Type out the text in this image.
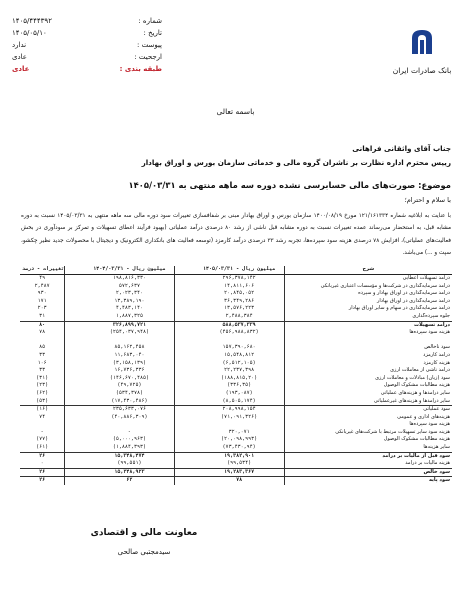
بانک صادرات ایران
شماره :
۱۴۰۵/۴۴۴۳۹۲
تاریخ :
۱۴۰۵/۰۵/۱۰
پیوست :
ندارد
ارجحیت :
عادی
طبقه بندی :
عادی
باسمه تعالی
جناب آقای واثقانی فراهانی
رییس محترم اداره نظارت بر ناشران گروه مالی و خدماتی سازمان بورس و اوراق بهادار
موضوع: صورت‌های مالی حسابرسی نشده دوره سه ماهه منتهی به ۱۴۰۵/۰۳/۳۱
با سلام و احترام؛
با عنایت به ابلاغیه شماره ۱۲۱/۱۶۱۳۳۴ مورخ ۱۴۰۰/۰۸/۱۹ سازمان بورس و اوراق بهادار مبنی بر شفافسازی تغییرات سود دوره مالی سه ماهه منتهی به ۱۴۰۵/۰۳/۳۱ نسبت به دوره مشابه قبل، به استحضار می‌رساند عمده تغییرات نسبت به دوره مشابه قبل ناشی از رشد ۸۰ درصدی درآمد عملیاتی (بهبود فرآیند اعطای تسهیلات و تمرکز بر سودآوری در بخش فعالیت‌های عملیاتی)، افزایش ۷۸ درصدی هزینه سود سپرده‌ها، تجربه رشد ۳۳ درصدی درآمد کارمزد (توسعه فعالیت های بانکداری الکترونیک و دیجیتال با محصولات جدید نظیر چکشو، سپت و ...) می‌باشد.
شرح	۱۴۰۵/۰۳/۳۱ - میلیون ریال		۱۴۰۴/۰۳/۳۱ - میلیون ریال		تغییرات - درصد
درآمد تسهیلات اعطایی	۲۹۶,۳۷۸,۱۴۲		۱۹۸,۸۱۶,۳۳۰		۴۹
درآمد سرمایه‌گذاری در شرکت‌ها و مؤسسات اعتباری غیربانکی	۱۴,۸۱۱,۶۰۶		۵۷۲,۶۳۷		۲,۴۸۷
درآمد سرمایه‌گذاری در اوراق بهادار و سپرده	۲۰,۸۴۵,۰۵۲		۲,۰۲۳,۳۴۰		۹۳۰
درآمد سرمایه‌گذاری در اوراق بهادار	۳۶,۳۴۹,۲۸۶		۱۳,۳۸۹,۱۹۰		۱۷۱
درآمد سرمایه‌گذاری در سهام و سایر اوراق بهادار	۱۳,۵۷۶,۲۲۳		۴,۴۸۳,۱۴۰		۲۰۳
جلوه سپرده‌گذاری	۲,۴۸۸,۳۸۴		۱,۸۸۷,۳۲۵		۳۱
درآمد تسهیلات	۵۸۸,۵۳۷,۳۳۹		۳۲۶,۸۹۹,۷۲۱		۸۰
هزینه سود سپرده‌ها	(۴۵۶,۹۸۸,۸۳۲)		(۲۵۴,۰۳۷,۹۴۸)		۷۸

سود ناخالص	۱۵۷,۳۹۰,۶۸۰		۸۵,۱۶۲,۴۵۸		۸۵
درآمد کارمزد	۱۵,۵۴۸,۸۱۲		۱۱,۶۸۳,۰۴۰		۳۳
هزینه کارمزد	(۶,۵۱۲,۱۰۵)		(۳,۱۵۸,۱۳۹)		۱۰۶
درآمد ناشی از معاملات ارزی	۲۲,۲۳۷,۳۹۸		۱۶,۷۳۶,۳۳۶		۳۳
سود (زیان) مبادلات و معاملات ارزی	(۱۸۸,۸۱۵,۲۰)		(۱۴۶,۶۷۰,۴۸۵)		(۳۱)
هزینه مطالبات مشکوک الوصول	(۳۳۶,۳۵)		(۴۹,۷۲۵)		(۲۳)
سایر درآمدها و هزینه‌های عملیاتی	(۱۹۳,۰۸۷)		(۵۳۴,۳۷۸)		(۶۲)
سایر درآمدها و هزینه‌های غیرعملیاتی	(۸,۵۰۵,۱۷۴)		(۱۷,۴۳۰,۴۸۶)		(۵۳)
سود عملیاتی	۲۰۸,۹۹۸,۱۵۴		۲۳۵,۶۳۳,۰۷۶		(۱۶)
هزینه‌های اداری و عمومی	(۷۱,۰۹۱,۳۲۶)		(۴۰,۸۸۶,۳۰۹)		۷۴
هزینه سود سپرده‌ها					
هزینه سود سایر تسهیلات مرتبط با شرکت‌های غیربانکی	۳۲۰,۰۷۱		-		-
هزینه مطالبات مشکوک الوصول	(۲۰,۰۹۸,۹۹۳)		(۵,۰۰۰,۹۶۳)		(۷۷)
سایر هزینه‌ها	(۷۳,۴۳۰,۹۴)		(۱,۸۸۴,۳۹۳)		(۶۱)
سود قبل از مالیات بر درآمد	۱۹,۳۸۲,۹۰۱		۱۵,۳۴۸,۴۷۴		۲۶
هزینه مالیات بر درآمد	(۹۹,۵۳۴)		(۹۹,۵۵۱)		۰
سود خالص	۱۹,۲۸۳,۳۶۷		۱۵,۲۴۸,۹۲۳		۲۶
سود پایه	۷۸		۶۲		۲۶
معاونت مالی و اقتصادی
سیدمجتبی صالحی
